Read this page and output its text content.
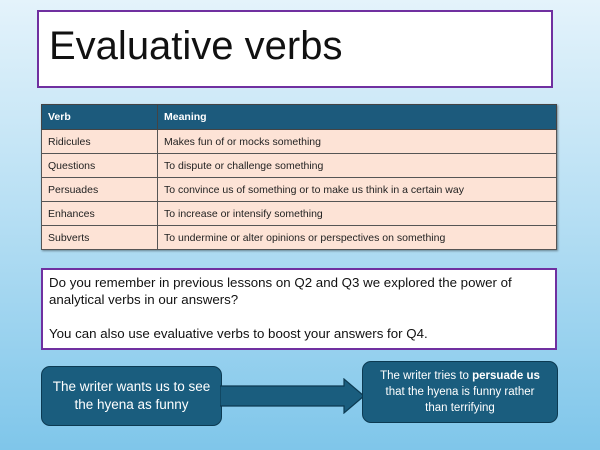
Evaluative verbs
Verb	Meaning
Ridicules	Makes fun of or mocks something
Questions	To dispute or challenge something
Persuades	To convince us of something or to make us think in a certain way
Enhances	To increase or intensify something
Subverts	To undermine or alter opinions or perspectives on something

Do you remember in previous lessons on Q2 and Q3 we explored the power of analytical verbs in our answers?

You can also use evaluative verbs to boost your answers for Q4.

The writer wants us to see the hyena as funny
The writer tries to persuade us that the hyena is funny rather than terrifying
